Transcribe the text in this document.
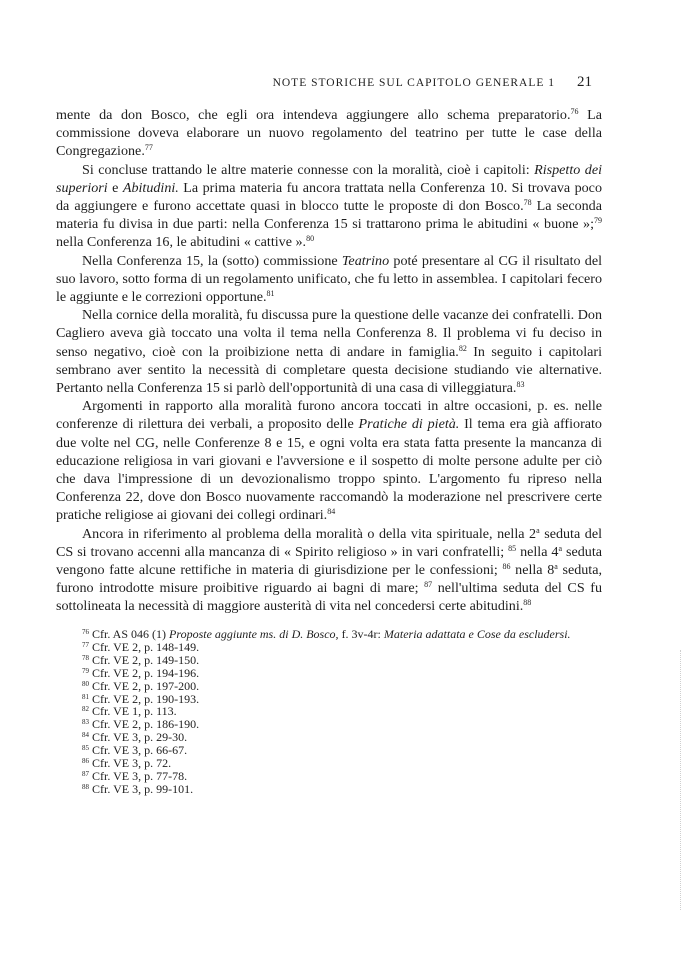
NOTE STORICHE SUL CAPITOLO GENERALE 1 21

mente da don Bosco, che egli ora intendeva aggiungere allo schema preparatorio.$^{76}$ La commissione doveva elaborare un nuovo regolamento del teatrino per tutte le case della Congregazione.$^{77}$

Si concluse trattando le altre materie connesse con la moralità, cioè i capitoli: Rispetto dei superiori e Abitudini. La prima materia fu ancora trattata nella Conferenza 10. Si trovava poco da aggiungere e furono accettate quasi in blocco tutte le proposte di don Bosco.$^{78}$ La seconda materia fu divisa in due parti: nella Conferenza 15 si trattarono prima le abitudini « buone »;$^{79}$ nella Conferenza 16, le abitudini « cattive ».$^{80}$

Nella Conferenza 15, la (sotto) commissione Teatrino poté presentare al CG il risultato del suo lavoro, sotto forma di un regolamento unificato, che fu letto in assemblea. I capitolari fecero le aggiunte e le correzioni opportune.$^{81}$

Nella cornice della moralità, fu discussa pure la questione delle vacanze dei confratelli. Don Cagliero aveva già toccato una volta il tema nella Conferenza 8. Il problema vi fu deciso in senso negativo, cioè con la proibizione netta di andare in famiglia.$^{82}$ In seguito i capitolari sembrano aver sentito la necessità di completare questa decisione studiando vie alternative. Pertanto nella Conferenza 15 si parlò dell'opportunità di una casa di villeggiatura.$^{83}$

Argomenti in rapporto alla moralità furono ancora toccati in altre occasioni, p. es. nelle conferenze di rilettura dei verbali, a proposito delle Pratiche di pietà. Il tema era già affiorato due volte nel CG, nelle Conferenze 8 e 15, e ogni volta era stata fatta presente la mancanza di educazione religiosa in vari giovani e l'avversione e il sospetto di molte persone adulte per ciò che dava l'impressione di un devozionalismo troppo spinto. L'argomento fu ripreso nella Conferenza 22, dove don Bosco nuovamente raccomandò la moderazione nel prescrivere certe pratiche religiose ai giovani dei collegi ordinari.$^{84}$

Ancora in riferimento al problema della moralità o della vita spirituale, nella 2$^a$ seduta del CS si trovano accenni alla mancanza di « Spirito religioso » in vari confratelli; $^{85}$ nella 4$^a$ seduta vengono fatte alcune rettifiche in materia di giurisdizione per le confessioni; $^{86}$ nella 8$^a$ seduta, furono introdotte misure proibitive riguardo ai bagni di mare; $^{87}$ nell'ultima seduta del CS fu sottolineata la necessità di maggiore austerità di vita nel concedersi certe abitudini.$^{88}$

$^{76}$ Cfr. AS 046 (1) Proposte aggiunte ms. di D. Bosco, f. 3v-4r: Materia adattata e Cose da escludersi.
$^{77}$ Cfr. VE 2, p. 148-149.
$^{78}$ Cfr. VE 2, p. 149-150.
$^{79}$ Cfr. VE 2, p. 194-196.
$^{80}$ Cfr. VE 2, p. 197-200.
$^{81}$ Cfr. VE 2, p. 190-193.
$^{82}$ Cfr. VE 1, p. 113.
$^{83}$ Cfr. VE 2, p. 186-190.
$^{84}$ Cfr. VE 3, p. 29-30.
$^{85}$ Cfr. VE 3, p. 66-67.
$^{86}$ Cfr. VE 3, p. 72.
$^{87}$ Cfr. VE 3, p. 77-78.
$^{88}$ Cfr. VE 3, p. 99-101.
